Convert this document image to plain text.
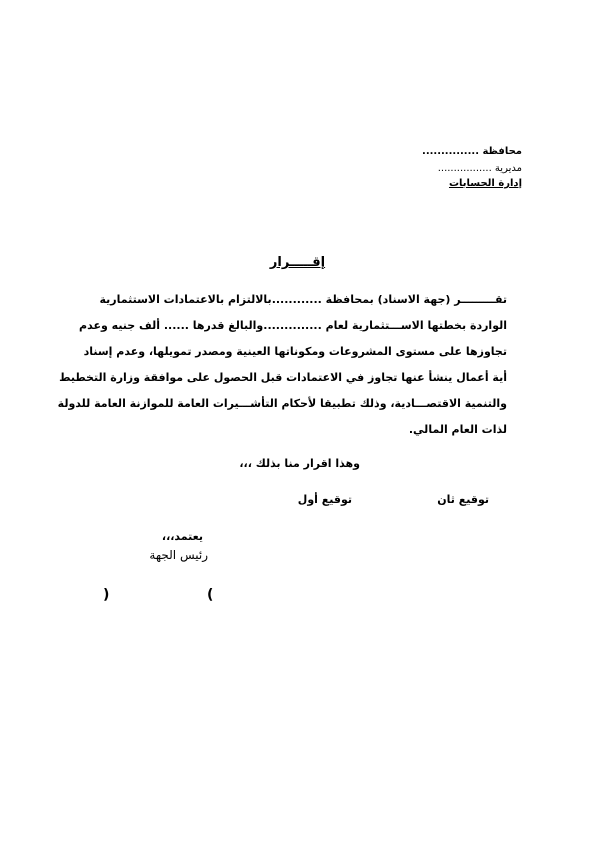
محافظة ...............
مديرية .................
إدارة الحسابات
إقـــــرار
تقـــــــــر (جهة الاسناد) بمحافظة ............بالالتزام بالاعتمادات الاستثمارية
الواردة بخطتها الاســـتثمارية لعام ..............والبالغ قدرها ...... ألف جنيه وعدم
تجاوزها على مستوى المشروعات ومكوناتها العينية ومصدر تمويلها، وعدم إسناد
أية أعمال ينشأ عنها تجاوز في الاعتمادات قبل الحصول على موافقة وزارة التخطيط
والتنمية الاقتصـــادية، وذلك تطبيقا لأحكام التأشـــيرات العامة للموازنة العامة للدولة
لذات العام المالي.
وهذا اقرار منا بذلك ،،،
توقيع ثان
توقيع أول
يعتمد،،،
رئيس الجهة
(
)
